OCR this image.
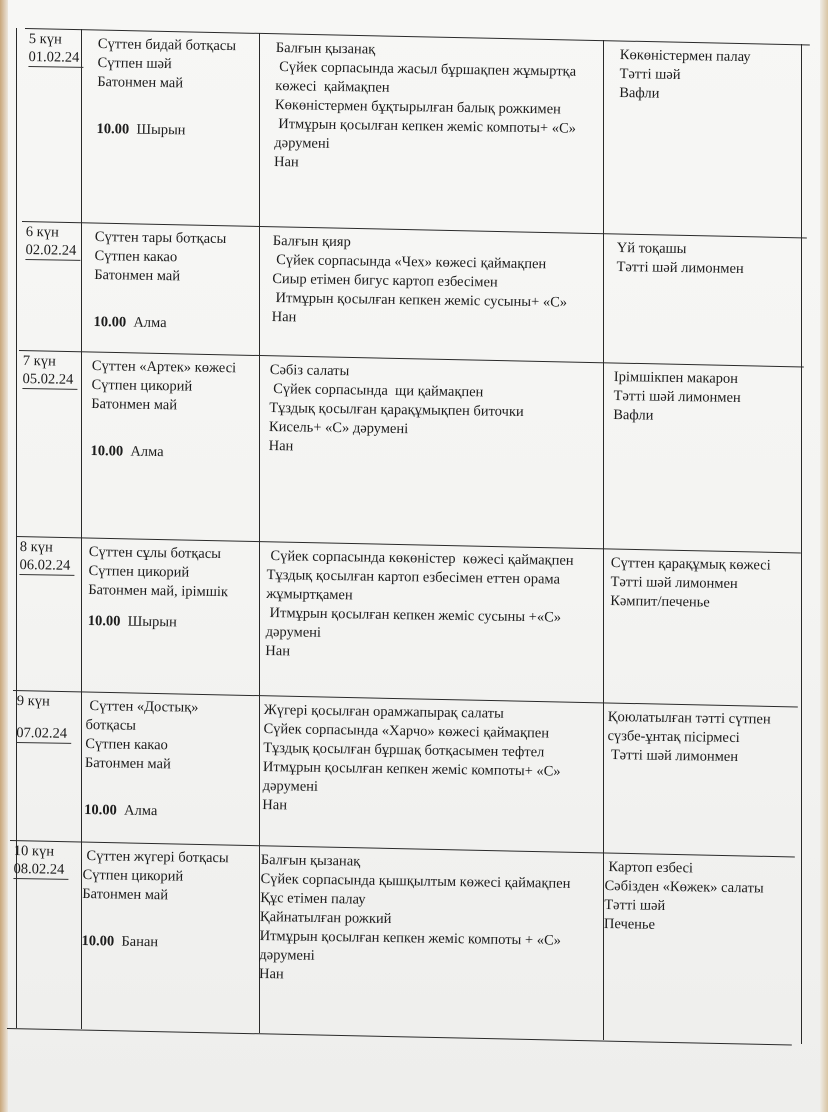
5 күн
01.02.24
Сүттен бидай ботқасы
Сүтпен шәй
Батонмен май
10.00  Шырын
Балғын қызанақ
Сүйек сорпасында жасыл бұршақпен жұмыртқа
көжесі  қаймақпен
Көкөністермен бұқтырылған балық рожкимен
Итмұрын қосылған кепкен жеміс компоты+ «С»
дәрумені
Нан
Көкөністермен палау
Тәтті шәй
Вафли
6 күн
02.02.24
Сүттен тары ботқасы
Сүтпен какао
Батонмен май
10.00  Алма
Балғын қияр
Сүйек сорпасында «Чех» көжесі қаймақпен
Сиыр етімен бигус картоп езбесімен
Итмұрын қосылған кепкен жеміс сусыны+ «С»
Нан
Үй тоқашы
Тәтті шәй лимонмен
7 күн
05.02.24
Сүттен «Артек» көжесі
Сүтпен цикорий
Батонмен май
10.00  Алма
Сәбіз салаты
Сүйек сорпасында  щи қаймақпен
Тұздық қосылған қарақұмықпен биточки
Кисель+ «С» дәрумені
Нан
Ірімшікпен макарон
Тәтті шәй лимонмен
Вафли
8 күн
06.02.24
Сүттен сұлы ботқасы
Сүтпен цикорий
Батонмен май, ірімшік
10.00  Шырын
Сүйек сорпасында көкөністер  көжесі қаймақпен
Тұздық қосылған картоп езбесімен еттен орама
жұмыртқамен
Итмұрын қосылған кепкен жеміс сусыны +«С»
дәрумені
Нан
Сүттен қарақұмық көжесі
Тәтті шәй лимонмен
Кәмпит/печенье
9 күн
07.02.24
Сүттен «Достық»
ботқасы
Сүтпен какао
Батонмен май
10.00  Алма
Жүгері қосылған орамжапырақ салаты
Сүйек сорпасында «Харчо» көжесі қаймақпен
Тұздық қосылған бұршақ ботқасымен тефтел
Итмұрын қосылған кепкен жеміс компоты+ «С»
дәрумені
Нан
Қоюлатылған тәтті сүтпен
сүзбе-ұнтақ пісірмесі
Тәтті шәй лимонмен
10 күн
08.02.24
Сүттен жүгері ботқасы
Сүтпен цикорий
Батонмен май
10.00  Банан
Балғын қызанақ
Сүйек сорпасында қышқылтым көжесі қаймақпен
Құс етімен палау
Қайнатылған рожкий
Итмұрын қосылған кепкен жеміс компоты + «С»
дәрумені
Нан
Картоп езбесі
Сәбізден «Көжек» салаты
Тәтті шәй
Печенье
